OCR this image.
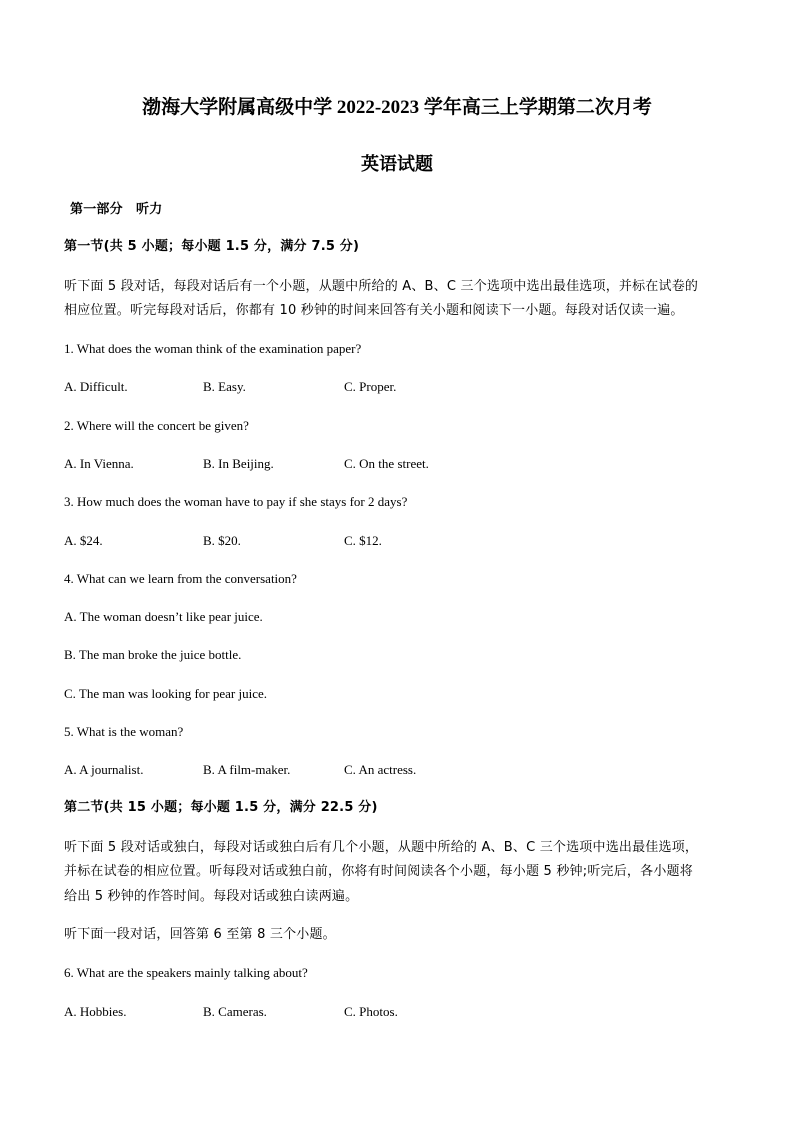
渤海大学附属高级中学 2022-2023 学年高三上学期第二次月考
英语试题
第一部分　听力
第一节(共 5 小题；每小题 1.5 分，满分 7.5 分)
听下面 5 段对话，每段对话后有一个小题，从题中所给的 A、B、C 三个选项中选出最佳选项，并标在试卷的
相应位置。听完每段对话后，你都有 10 秒钟的时间来回答有关小题和阅读下一小题。每段对话仅读一遍。
1. What does the woman think of the examination paper?
A. Difficult.	B. Easy.	C. Proper.
2. Where will the concert be given?
A. In Vienna.	B. In Beijing.	C. On the street.
3. How much does the woman have to pay if she stays for 2 days?
A. $24.	B. $20.	C. $12.
4. What can we learn from the conversation?
A. The woman doesn’t like pear juice.
B. The man broke the juice bottle.
C. The man was looking for pear juice.
5. What is the woman?
A. A journalist.	B. A film-maker.	C. An actress.
第二节(共 15 小题；每小题 1.5 分，满分 22.5 分)
听下面 5 段对话或独白，每段对话或独白后有几个小题，从题中所给的 A、B、C 三个选项中选出最佳选项，
并标在试卷的相应位置。听每段对话或独白前，你将有时间阅读各个小题，每小题 5 秒钟;听完后，各小题将
给出 5 秒钟的作答时间。每段对话或独白读两遍。
听下面一段对话，回答第 6 至第 8 三个小题。
6. What are the speakers mainly talking about?
A. Hobbies.	B. Cameras.	C. Photos.
